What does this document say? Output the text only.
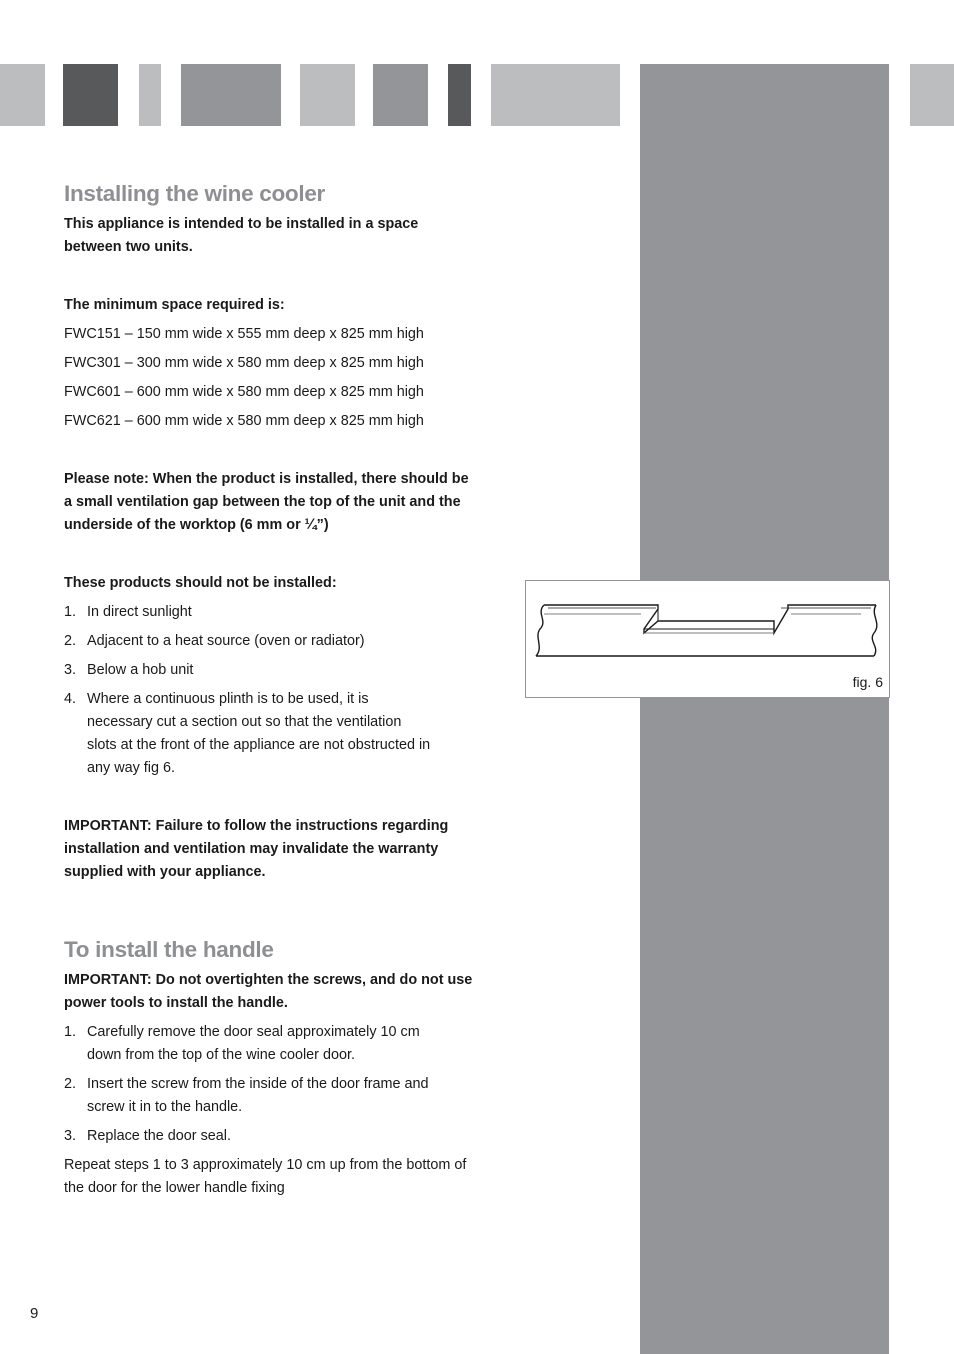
Installing the wine cooler

This appliance is intended to be installed in a space between two units.

The minimum space required is:

FWC151 – 150 mm wide x 555 mm deep x 825 mm high

FWC301 – 300 mm wide x 580 mm deep x 825 mm high

FWC601 – 600 mm wide x 580 mm deep x 825 mm high

FWC621 – 600 mm wide x 580 mm deep x 825 mm high

Please note: When the product is installed, there should be a small ventilation gap between the top of the unit and the underside of the worktop (6 mm or ¼”)

These products should not be installed:

1. In direct sunlight
2. Adjacent to a heat source (oven or radiator)
3. Below a hob unit
4. Where a continuous plinth is to be used, it is necessary cut a section out so that the ventilation slots at the front of the appliance are not obstructed in any way fig 6.

IMPORTANT: Failure to follow the instructions regarding installation and ventilation may invalidate the warranty supplied with your appliance.

To install the handle

IMPORTANT: Do not overtighten the screws, and do not use power tools to install the handle.

1. Carefully remove the door seal approximately 10 cm down from the top of the wine cooler door.
2. Insert the screw from the inside of the door frame and screw it in to the handle.
3. Replace the door seal.

Repeat steps 1 to 3 approximately 10 cm up from the bottom of the door for the lower handle fixing

fig. 6
9
